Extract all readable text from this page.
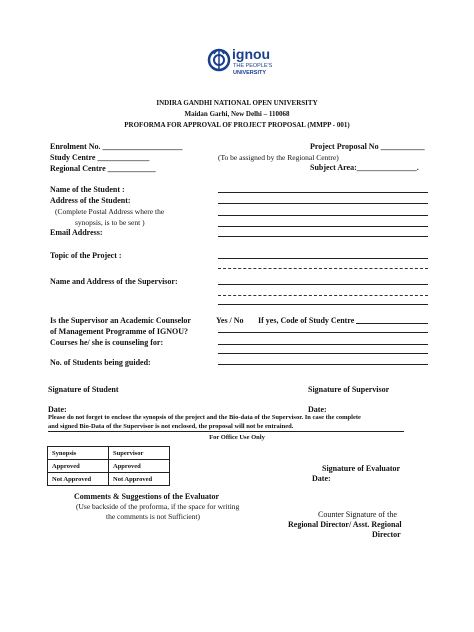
ignou
THE PEOPLE'S
UNIVERSITY
INDIRA GANDHI NATIONAL OPEN UNIVERSITY
Maidan Garhi, New Delhi – 110068
PROFORMA FOR APPROVAL OF PROJECT PROPOSAL (MMPP - 001)
Enrolment No. ____________________
Study Centre _____________
Regional Centre ____________
Project Proposal No ___________
(To be assigned by the Regional Centre)
Subject Area:_______________.
Name of the Student :
Address of the Student:
(Complete Postal Address where the
synopsis, is to be sent )
Email Address:
Topic of the Project :
Name and Address of the Supervisor:
Is the Supervisor an Academic Counselor
of Management Programme of IGNOU?
Yes / No If yes, Code of Study Centre
Courses he/ she is counseling for:
No. of Students being guided:
Signature of Student	Signature of Supervisor
Date:	Date:
Please do not forget to enclose the synopsis of the project and the Bio-data of the Supervisor. In case the complete
and signed Bio-Data of the Supervisor is not enclosed, the proposal will not be entrained.
For Office Use Only
Synopsis	Supervisor
Approved	Approved
Not Approved	Not Approved
Signature of Evaluator
Date:
Comments & Suggestions of the Evaluator
(Use backside of the proforma, if the space for writing
the comments is not Sufficient)	Counter Signature of the
Regional Director/ Asst. Regional
Director
